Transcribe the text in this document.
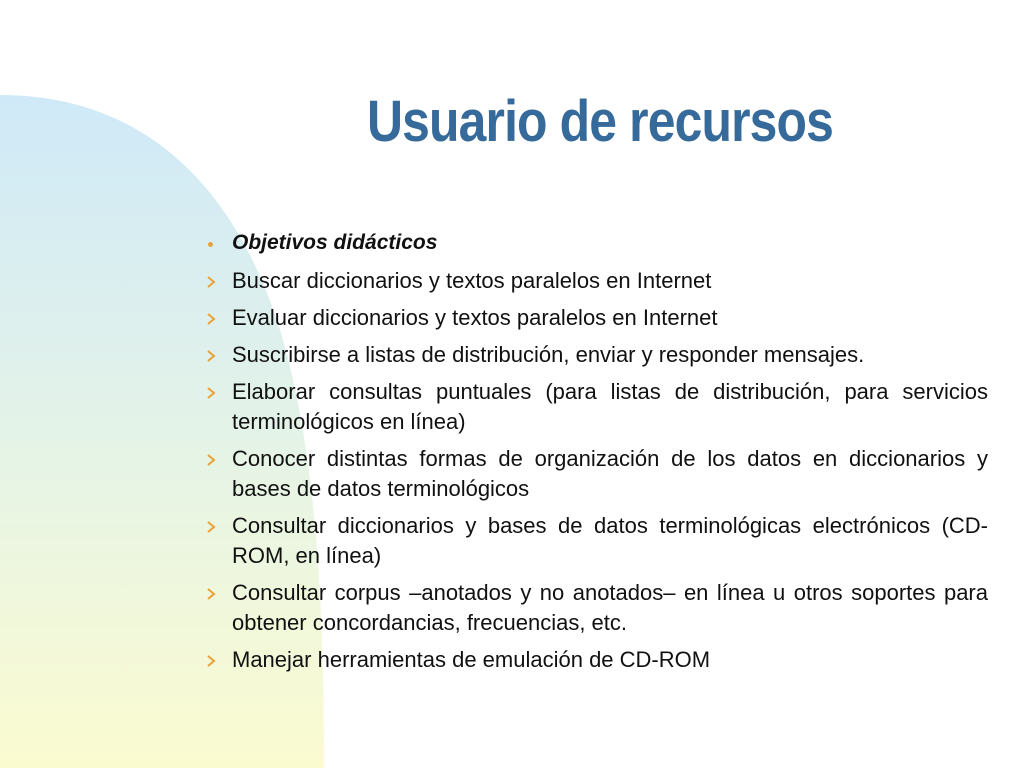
Usuario de recursos
Objetivos didácticos
Buscar diccionarios y textos paralelos en Internet
Evaluar diccionarios y textos paralelos en Internet
Suscribirse a listas de distribución, enviar y responder mensajes.
Elaborar consultas puntuales (para listas de distribución, para servicios terminológicos en línea)
Conocer distintas formas de organización de los datos en diccionarios y bases de datos terminológicos
Consultar diccionarios y bases de datos terminológicas electrónicos (CD-ROM, en línea)
Consultar corpus –anotados y no anotados– en línea u otros soportes para obtener concordancias, frecuencias, etc.
Manejar herramientas de emulación de CD-ROM
